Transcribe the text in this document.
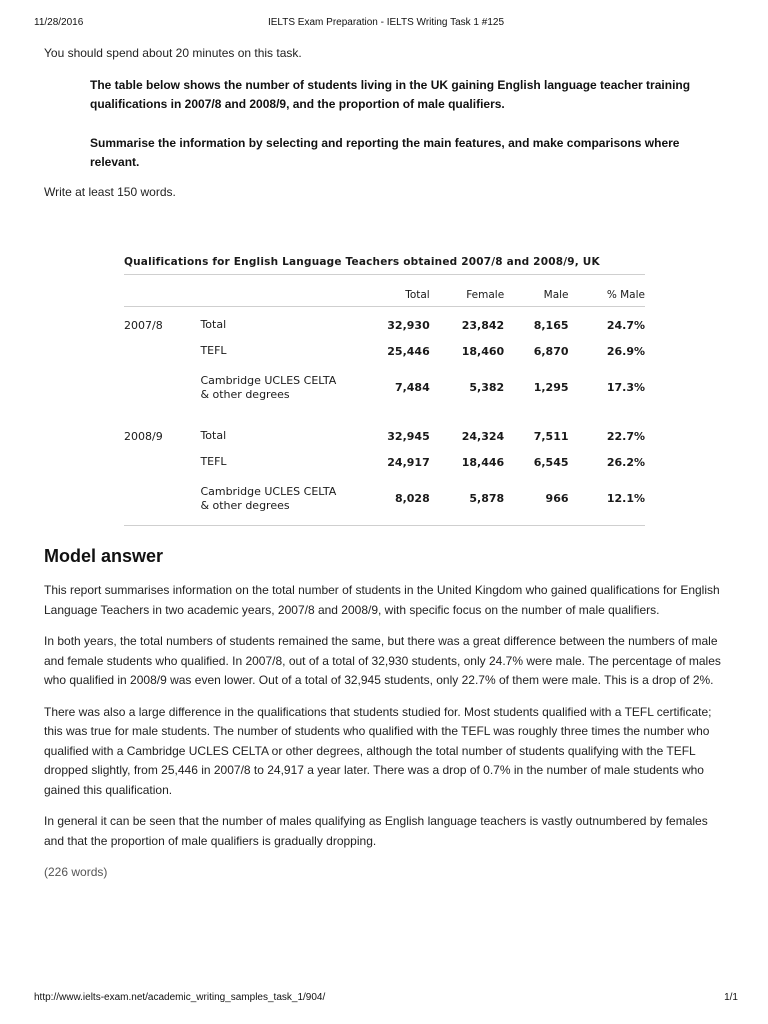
11/28/2016	IELTS Exam Preparation - IELTS Writing Task 1 #125

You should spend about 20 minutes on this task.

The table below shows the number of students living in the UK gaining English language teacher training qualifications in 2007/8 and 2008/9, and the proportion of male qualifiers.

Summarise the information by selecting and reporting the main features, and make comparisons where relevant.

Write at least 150 words.

Qualifications for English Language Teachers obtained 2007/8 and 2008/9, UK
		Total	Female	Male	% Male
2007/8	Total	32,930	23,842	8,165	24.7%
	TEFL	25,446	18,460	6,870	26.9%
	Cambridge UCLES CELTA
& other degrees	7,484	5,382	1,295	17.3%
2008/9	Total	32,945	24,324	7,511	22.7%
	TEFL	24,917	18,446	6,545	26.2%
	Cambridge UCLES CELTA
& other degrees	8,028	5,878	966	12.1%
Model answer

This report summarises information on the total number of students in the United Kingdom who gained qualifications for English Language Teachers in two academic years, 2007/8 and 2008/9, with specific focus on the number of male qualifiers.

In both years, the total numbers of students remained the same, but there was a great difference between the numbers of male and female students who qualified. In 2007/8, out of a total of 32,930 students, only 24.7% were male. The percentage of males who qualified in 2008/9 was even lower. Out of a total of 32,945 students, only 22.7% of them were male. This is a drop of 2%.

There was also a large difference in the qualifications that students studied for. Most students qualified with a TEFL certificate; this was true for male students. The number of students who qualified with the TEFL was roughly three times the number who qualified with a Cambridge UCLES CELTA or other degrees, although the total number of students qualifying with the TEFL dropped slightly, from 25,446 in 2007/8 to 24,917 a year later. There was a drop of 0.7% in the number of male students who gained this qualification.

In general it can be seen that the number of males qualifying as English language teachers is vastly outnumbered by females and that the proportion of male qualifiers is gradually dropping.

(226 words)

http://www.ielts-exam.net/academic_writing_samples_task_1/904/	1/1
